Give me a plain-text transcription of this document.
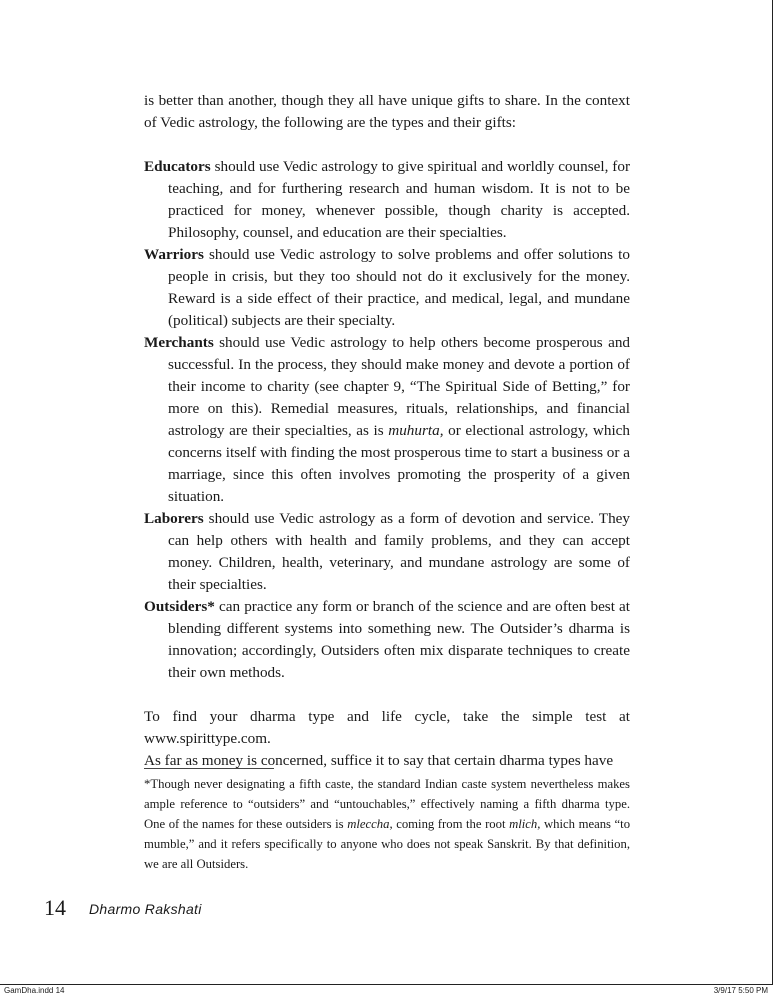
is better than another, though they all have unique gifts to share. In the context of Vedic astrology, the following are the types and their gifts:

Educators should use Vedic astrology to give spiritual and worldly counsel, for teaching, and for furthering research and human wisdom. It is not to be practiced for money, whenever possible, though charity is accepted. Philosophy, counsel, and education are their specialties.

Warriors should use Vedic astrology to solve problems and offer solutions to people in crisis, but they too should not do it exclusively for the money. Reward is a side effect of their practice, and medical, legal, and mundane (political) subjects are their specialty.

Merchants should use Vedic astrology to help others become prosperous and successful. In the process, they should make money and devote a portion of their income to charity (see chapter 9, “The Spiritual Side of Betting,” for more on this). Remedial measures, rituals, relationships, and financial astrology are their specialties, as is muhurta, or electional astrology, which concerns itself with finding the most prosperous time to start a business or a marriage, since this often involves promoting the prosperity of a given situation.

Laborers should use Vedic astrology as a form of devotion and service. They can help others with health and family problems, and they can accept money. Children, health, veterinary, and mundane astrology are some of their specialties.

Outsiders* can practice any form or branch of the science and are often best at blending different systems into something new. The Outsider’s dharma is innovation; accordingly, Outsiders often mix disparate techniques to create their own methods.

To find your dharma type and life cycle, take the simple test at www.spirittype.com.

As far as money is concerned, suffice it to say that certain dharma types have

*Though never designating a fifth caste, the standard Indian caste system nevertheless makes ample reference to “outsiders” and “untouchables,” effectively naming a fifth dharma type. One of the names for these outsiders is mleccha, coming from the root mlich, which means “to mumble,” and it refers specifically to anyone who does not speak Sanskrit. By that definition, we are all Outsiders.
14 Dharmo Rakshati
GamDha.indd 14	3/9/17 5:50 PM
